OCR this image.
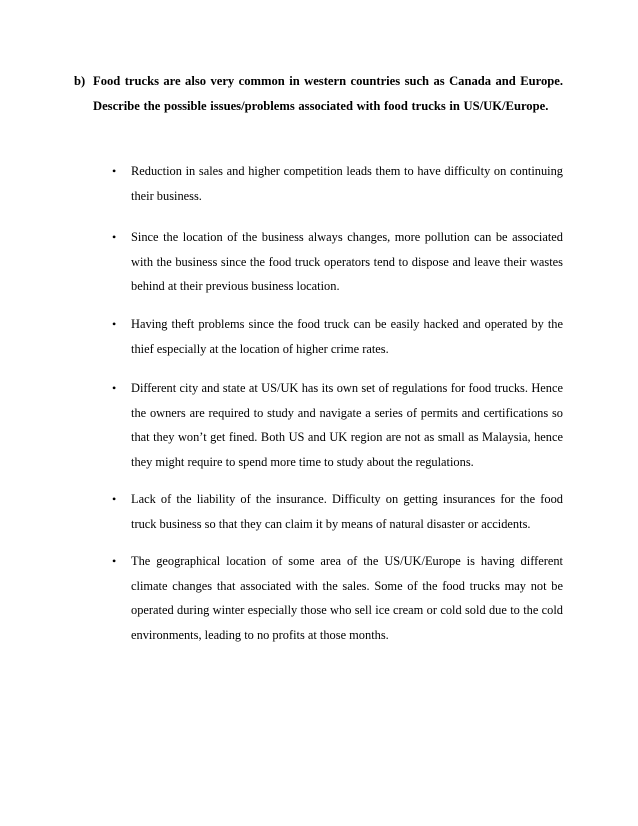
b) Food trucks are also very common in western countries such as Canada and Europe. Describe the possible issues/problems associated with food trucks in US/UK/Europe.

• Reduction in sales and higher competition leads them to have difficulty on continuing their business.

• Since the location of the business always changes, more pollution can be associated with the business since the food truck operators tend to dispose and leave their wastes behind at their previous business location.

• Having theft problems since the food truck can be easily hacked and operated by the thief especially at the location of higher crime rates.

• Different city and state at US/UK has its own set of regulations for food trucks. Hence the owners are required to study and navigate a series of permits and certifications so that they won’t get fined. Both US and UK region are not as small as Malaysia, hence they might require to spend more time to study about the regulations.

• Lack of the liability of the insurance. Difficulty on getting insurances for the food truck business so that they can claim it by means of natural disaster or accidents.

• The geographical location of some area of the US/UK/Europe is having different climate changes that associated with the sales. Some of the food trucks may not be operated during winter especially those who sell ice cream or cold sold due to the cold environments, leading to no profits at those months.
